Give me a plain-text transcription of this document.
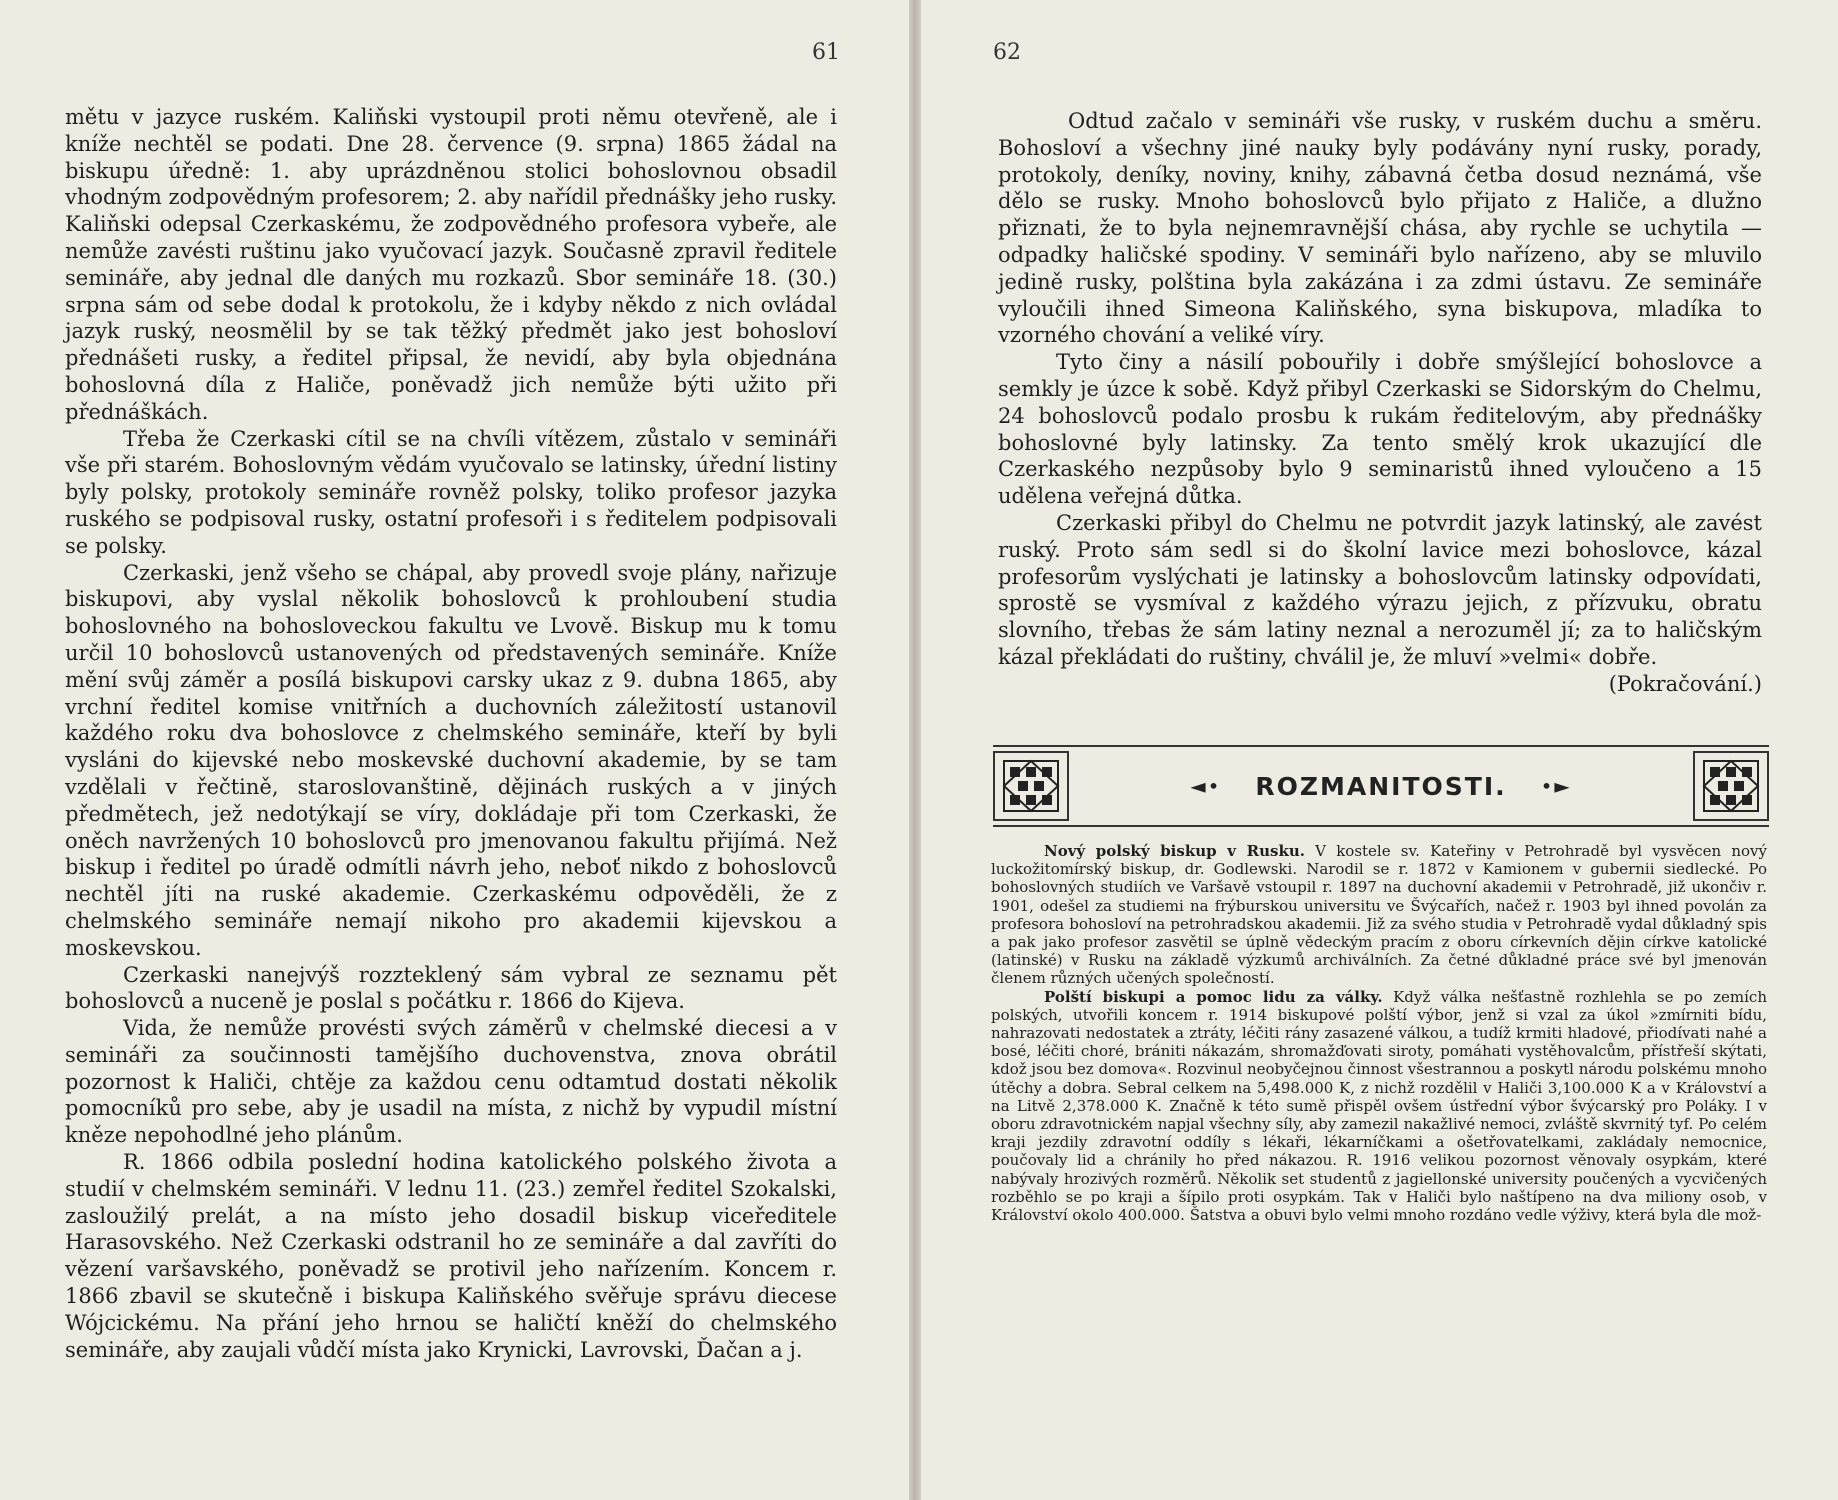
61

mětu v jazyce ruském. Kaliňski vystoupil proti němu otevřeně, ale i kníže nechtěl se podati. Dne 28. července (9. srpna) 1865 žádal na biskupu úředně: 1. aby uprázdněnou stolici bohoslovnou obsadil vhodným zodpovědným profesorem; 2. aby nařídil přednášky jeho rusky. Kaliňski odepsal Czerkaskému, že zodpovědného profesora vybeře, ale nemůže zavésti ruštinu jako vyučovací jazyk. Současně zpravil ředitele semináře, aby jednal dle daných mu rozkazů. Sbor semináře 18. (30.) srpna sám od sebe dodal k protokolu, že i kdyby někdo z nich ovládal jazyk ruský, neosmělil by se tak těžký předmět jako jest bohosloví přednášeti rusky, a ředitel připsal, že nevidí, aby byla objednána bohoslovná díla z Haliče, poněvadž jich nemůže býti užito při přednáškách.

Třeba že Czerkaski cítil se na chvíli vítězem, zůstalo v semináři vše při starém. Bohoslovným vědám vyučovalo se latinsky, úřední listiny byly polsky, protokoly semináře rovněž polsky, toliko profesor jazyka ruského se podpisoval rusky, ostatní profesoři i s ředitelem podpisovali se polsky.

Czerkaski, jenž všeho se chápal, aby provedl svoje plány, nařizuje biskupovi, aby vyslal několik bohoslovců k prohloubení studia bohoslovného na bohosloveckou fakultu ve Lvově. Biskup mu k tomu určil 10 bohoslovců ustanovených od představených semináře. Kníže mění svůj záměr a posílá biskupovi carsky ukaz z 9. dubna 1865, aby vrchní ředitel komise vnitřních a duchovních záležitostí ustanovil každého roku dva bohoslovce z chelmského semináře, kteří by byli vysláni do kijevské nebo moskevské duchovní akademie, by se tam vzdělali v řečtině, staroslovanštině, dějinách ruských a v jiných předmětech, jež nedotýkají se víry, dokládaje při tom Czerkaski, že oněch navržených 10 bohoslovců pro jmenovanou fakultu přijímá. Než biskup i ředitel po úradě odmítli návrh jeho, neboť nikdo z bohoslovců nechtěl jíti na ruské akademie. Czerkaskému odpověděli, že z chelmského semináře nemají nikoho pro akademii kijevskou a moskevskou.

Czerkaski nanejvýš rozzteklený sám vybral ze seznamu pět bohoslovců a nuceně je poslal s počátku r. 1866 do Kijeva.

Vida, že nemůže provésti svých záměrů v chelmské diecesi a v semináři za součinnosti tamějšího duchovenstva, znova obrátil pozornost k Haliči, chtěje za každou cenu odtamtud dostati několik pomocníků pro sebe, aby je usadil na místa, z nichž by vypudil místní kněze nepohodlné jeho plánům.

R. 1866 odbila poslední hodina katolického polského života a studií v chelmském semináři. V lednu 11. (23.) zemřel ředitel Szokalski, zasloužilý prelát, a na místo jeho dosadil biskup viceředitele Harasovského. Než Czerkaski odstranil ho ze semináře a dal zavříti do vězení varšavského, poněvadž se protivil jeho nařízením. Koncem r. 1866 zbavil se skutečně i biskupa Kaliňského svěřuje správu diecese Wójcickému. Na přání jeho hrnou se haličtí kněží do chelmského semináře, aby zaujali vůdčí místa jako Krynicki, Lavrovski, Ďačan a j.

62

Odtud začalo v semináři vše rusky, v ruském duchu a směru. Bohosloví a všechny jiné nauky byly podávány nyní rusky, porady, protokoly, deníky, noviny, knihy, zábavná četba dosud neznámá, vše dělo se rusky. Mnoho bohoslovců bylo přijato z Haliče, a dlužno přiznati, že to byla nejnemravnější chása, aby rychle se uchytila — odpadky haličské spodiny. V semináři bylo nařízeno, aby se mluvilo jedině rusky, polština byla zakázána i za zdmi ústavu. Ze semináře vyloučili ihned Simeona Kaliňského, syna biskupova, mladíka to vzorného chování a veliké víry.

Tyto činy a násilí pobouřily i dobře smýšlející bohoslovce a semkly je úzce k sobě. Když přibyl Czerkaski se Sidorským do Chelmu, 24 bohoslovců podalo prosbu k rukám ředitelovým, aby přednášky bohoslovné byly latinsky. Za tento smělý krok ukazující dle Czerkaského nezpůsoby bylo 9 seminaristů ihned vyloučeno a 15 udělena veřejná důtka.

Czerkaski přibyl do Chelmu ne potvrdit jazyk latinský, ale zavést ruský. Proto sám sedl si do školní lavice mezi bohoslovce, kázal profesorům vyslýchati je latinsky a bohoslovcům latinsky odpovídati, sprostě se vysmíval z každého výrazu jejich, z přízvuku, obratu slovního, třebas že sám latiny neznal a nerozuměl jí; za to haličským kázal překládati do ruštiny, chválil je, že mluví »velmi« dobře.
(Pokračování.)

◄• ROZMANITOSTI. •►

Nový polský biskup v Rusku. V kostele sv. Kateřiny v Petrohradě byl vysvěcen nový luckožitomírský biskup, dr. Godlewski. Narodil se r. 1872 v Kamionem v gubernii siedlecké. Po bohoslovných studiích ve Varšavě vstoupil r. 1897 na duchovní akademii v Petrohradě, již ukončiv r. 1901, odešel za studiemi na frýburskou universitu ve Švýcařích, načež r. 1903 byl ihned povolán za profesora bohosloví na petrohradskou akademii. Již za svého studia v Petrohradě vydal důkladný spis a pak jako profesor zasvětil se úplně vědeckým pracím z oboru církevních dějin církve katolické (latinské) v Rusku na základě výzkumů archiválních. Za četné důkladné práce své byl jmenován členem různých učených společností.

Polští biskupi a pomoc lidu za války. Když válka nešťastně rozhlehla se po zemích polských, utvořili koncem r. 1914 biskupové polští výbor, jenž si vzal za úkol »zmírniti bídu, nahrazovati nedostatek a ztráty, léčiti rány zasazené válkou, a tudíž krmiti hladové, přiodívati nahé a bosé, léčiti choré, brániti nákazám, shromažďovati siroty, pomáhati vystěhovalcům, přístřeší skýtati, kdož jsou bez domova«. Rozvinul neobyčejnou činnost všestrannou a poskytl národu polskému mnoho útěchy a dobra. Sebral celkem na 5,498.000 K, z nichž rozdělil v Haliči 3,100.000 K a v Království a na Litvě 2,378.000 K. Značně k této sumě přispěl ovšem ústřední výbor švýcarský pro Poláky. I v oboru zdravotnickém napjal všechny síly, aby zamezil nakažlivé nemoci, zvláště skvrnitý tyf. Po celém kraji jezdily zdravotní oddíly s lékaři, lékarníčkami a ošetřovatelkami, zakládaly nemocnice, poučovaly lid a chránily ho před nákazou. R. 1916 velikou pozornost věnovaly osypkám, které nabývaly hrozivých rozměrů. Několik set studentů z jagiellonské university poučených a vycvičených rozběhlo se po kraji a šípilo proti osypkám. Tak v Haliči bylo naštípeno na dva miliony osob, v Království okolo 400.000. Šatstva a obuvi bylo velmi mnoho rozdáno vedle výživy, která byla dle mož-
